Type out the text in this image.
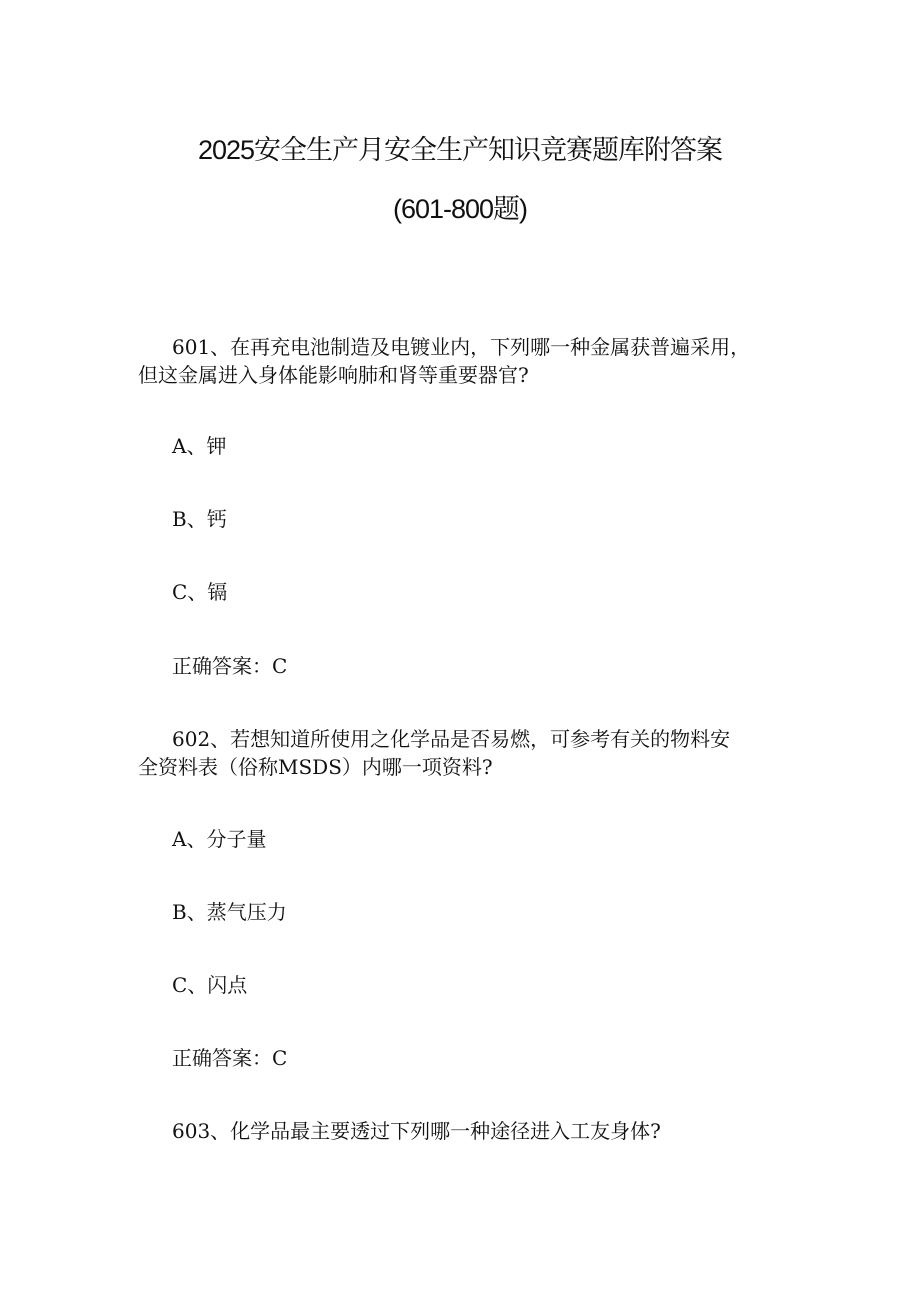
2025安全生产月安全生产知识竞赛题库附答案
(601-800题)

601、在再充电池制造及电镀业内，下列哪一种金属获普遍采用，

但这金属进入身体能影响肺和肾等重要器官?

A、钾

B、钙

C、镉

正确答案：C

602、若想知道所使用之化学品是否易燃，可参考有关的物料安

全资料表（俗称MSDS）内哪一项资料?

A、分子量

B、蒸气压力

C、闪点

正确答案：C

603、化学品最主要透过下列哪一种途径进入工友身体?
